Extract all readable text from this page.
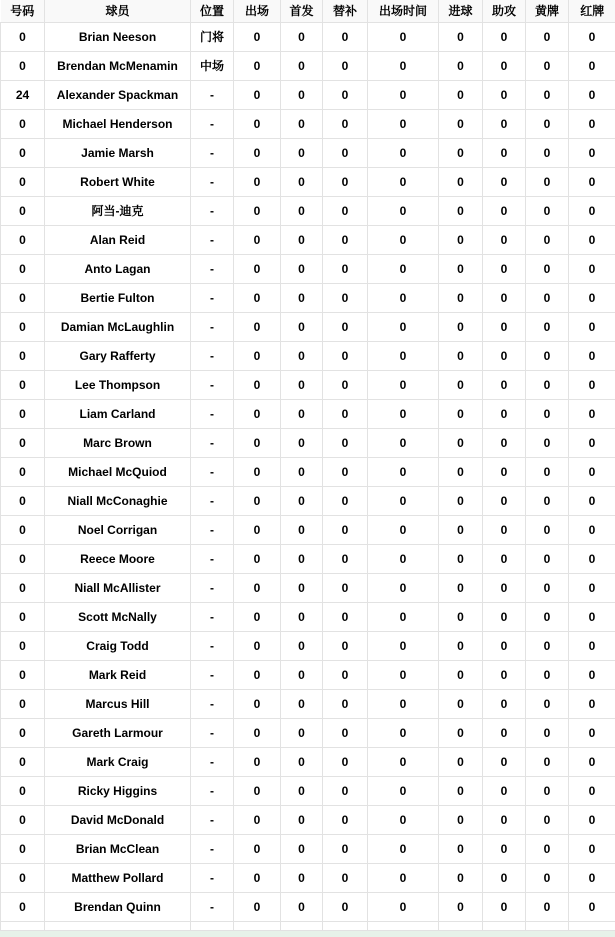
号码	球员	位置	出场	首发	替补	出场时间	进球	助攻	黄牌	红牌
0	Brian Neeson	门将	0	0	0	0	0	0	0	0
0	Brendan McMenamin	中场	0	0	0	0	0	0	0	0
24	Alexander Spackman	-	0	0	0	0	0	0	0	0
0	Michael Henderson	-	0	0	0	0	0	0	0	0
0	Jamie Marsh	-	0	0	0	0	0	0	0	0
0	Robert White	-	0	0	0	0	0	0	0	0
0	阿当-迪克	-	0	0	0	0	0	0	0	0
0	Alan Reid	-	0	0	0	0	0	0	0	0
0	Anto Lagan	-	0	0	0	0	0	0	0	0
0	Bertie Fulton	-	0	0	0	0	0	0	0	0
0	Damian McLaughlin	-	0	0	0	0	0	0	0	0
0	Gary Rafferty	-	0	0	0	0	0	0	0	0
0	Lee Thompson	-	0	0	0	0	0	0	0	0
0	Liam Carland	-	0	0	0	0	0	0	0	0
0	Marc Brown	-	0	0	0	0	0	0	0	0
0	Michael McQuiod	-	0	0	0	0	0	0	0	0
0	Niall McConaghie	-	0	0	0	0	0	0	0	0
0	Noel Corrigan	-	0	0	0	0	0	0	0	0
0	Reece Moore	-	0	0	0	0	0	0	0	0
0	Niall McAllister	-	0	0	0	0	0	0	0	0
0	Scott McNally	-	0	0	0	0	0	0	0	0
0	Craig Todd	-	0	0	0	0	0	0	0	0
0	Mark Reid	-	0	0	0	0	0	0	0	0
0	Marcus Hill	-	0	0	0	0	0	0	0	0
0	Gareth Larmour	-	0	0	0	0	0	0	0	0
0	Mark Craig	-	0	0	0	0	0	0	0	0
0	Ricky Higgins	-	0	0	0	0	0	0	0	0
0	David McDonald	-	0	0	0	0	0	0	0	0
0	Brian McClean	-	0	0	0	0	0	0	0	0
0	Matthew Pollard	-	0	0	0	0	0	0	0	0
0	Brendan Quinn	-	0	0	0	0	0	0	0	0
